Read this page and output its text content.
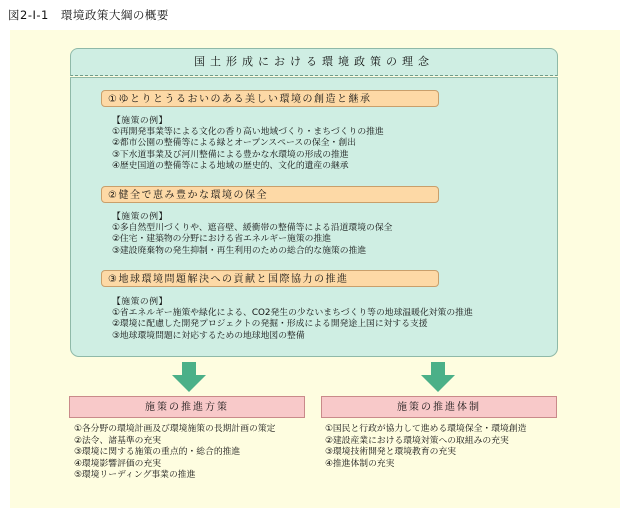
図2-Ⅰ-1　環境政策大綱の概要
国土形成における環境政策の理念
①ゆとりとうるおいのある美しい環境の創造と継承
【施策の例】
①再開発事業等による文化の香り高い地域づくり・まちづくりの推進
②都市公園の整備等による緑とオープンスペースの保全・創出
③下水道事業及び河川整備による豊かな水環境の形成の推進
④歴史国道の整備等による地域の歴史的、文化的遺産の継承
②健全で恵み豊かな環境の保全
【施策の例】
①多自然型川づくりや、遮音壁、緩衝帯の整備等による沿道環境の保全
②住宅・建築物の分野における省エネルギー施策の推進
③建設廃棄物の発生抑制・再生利用のための総合的な施策の推進
③地球環境問題解決への貢献と国際協力の推進
【施策の例】
①省エネルギー施策や緑化による、CO2発生の少ないまちづくり等の地球温暖化対策の推進
②環境に配慮した開発プロジェクトの発掘・形成による開発途上国に対する支援
③地球環境問題に対応するための地球地図の整備
施策の推進方策
①各分野の環境計画及び環境施策の長期計画の策定
②法令、諸基準の充実
③環境に関する施策の重点的・総合的推進
④環境影響評価の充実
⑤環境リーディング事業の推進
施策の推進体制
①国民と行政が協力して進める環境保全・環境創造
②建設産業における環境対策への取組みの充実
③環境技術開発と環境教育の充実
④推進体制の充実
